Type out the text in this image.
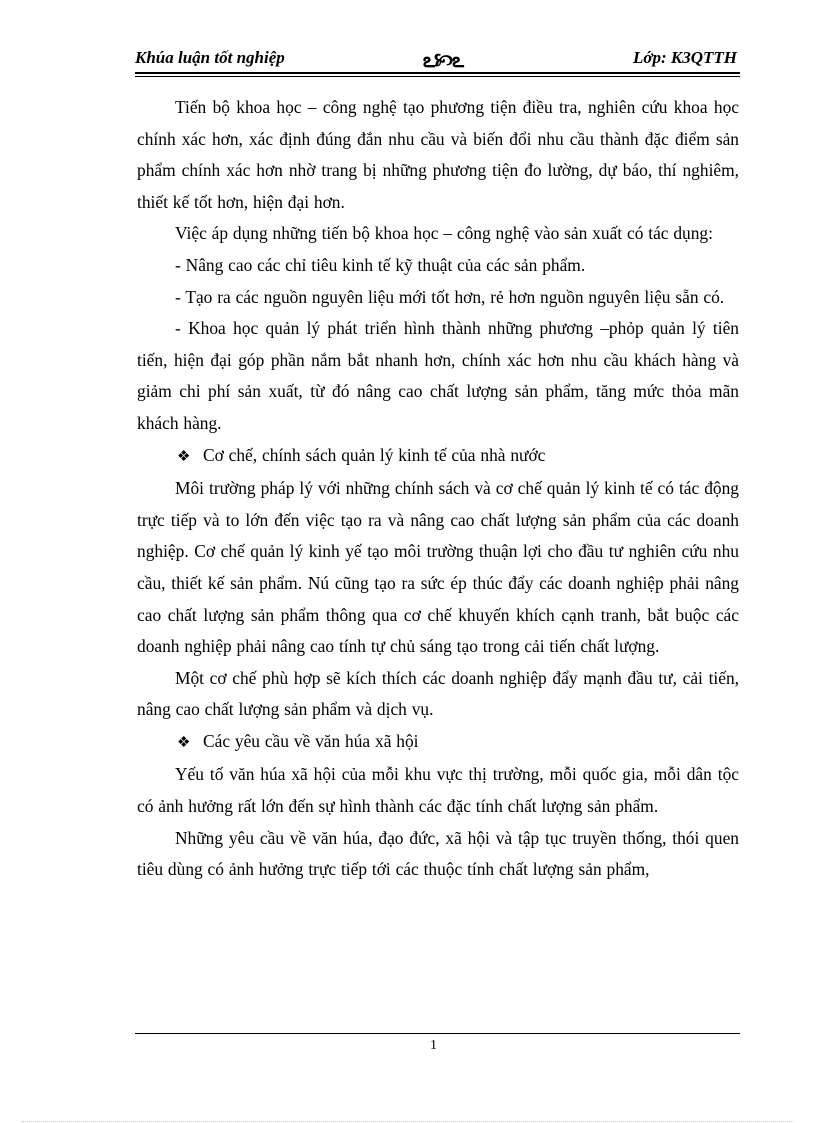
Khúa luận tốt nghiệp	ఽ🙡ఽ	Lớp: K3QTTH

Tiến bộ khoa học – công nghệ tạo phương tiện điều tra, nghiên cứu khoa học chính xác hơn, xác định đúng đắn nhu cầu và biến đổi nhu cầu thành đặc điểm sản phẩm chính xác hơn nhờ trang bị những phương tiện đo lường, dự báo, thí nghiêm, thiết kế tốt hơn, hiện đại hơn.

Việc áp dụng những tiến bộ khoa học – công nghệ vào sản xuất có tác dụng:

- Nâng cao các chỉ tiêu kinh tế kỹ thuật của các sản phẩm.

- Tạo ra các nguồn nguyên liệu mới tốt hơn, rẻ hơn nguồn nguyên liệu sẵn có.

- Khoa học quản lý phát triển hình thành những phương –phỏp quản lý tiên tiến, hiện đại góp phần nắm bắt nhanh hơn, chính xác hơn nhu cầu khách hàng và giảm chi phí sản xuất, từ đó nâng cao chất lượng sản phẩm, tăng mức thỏa mãn khách hàng.

❖ Cơ chế, chính sách quản lý kinh tế của nhà nước

Môi trường pháp lý với những chính sách và cơ chế quản lý kinh tế có tác động trực tiếp và to lớn đến việc tạo ra và nâng cao chất lượng sản phẩm của các doanh nghiệp. Cơ chế quản lý kinh yế tạo môi trường thuận lợi cho đầu tư nghiên cứu nhu cầu, thiết kế sản phẩm. Nú cũng tạo ra sức ép thúc đẩy các doanh nghiệp phải nâng cao chất lượng sản phẩm thông qua cơ chế khuyến khích cạnh tranh, bắt buộc các doanh nghiệp phải nâng cao tính tự chủ sáng tạo trong cải tiến chất lượng.

Một cơ chế phù hợp sẽ kích thích các doanh nghiệp đẩy mạnh đầu tư, cải tiến, nâng cao chất lượng sản phẩm và dịch vụ.

❖ Các yêu cầu về văn húa xã hội

Yếu tố văn húa xã hội của mỗi khu vực thị trường, mỗi quốc gia, mỗi dân tộc có ảnh hưởng rất lớn đến sự hình thành các đặc tính chất lượng sản phẩm.

Những yêu cầu về văn húa, đạo đức, xã hội và tập tục truyền thống, thói quen tiêu dùng có ảnh hưởng trực tiếp tới các thuộc tính chất lượng sản phẩm,

1
